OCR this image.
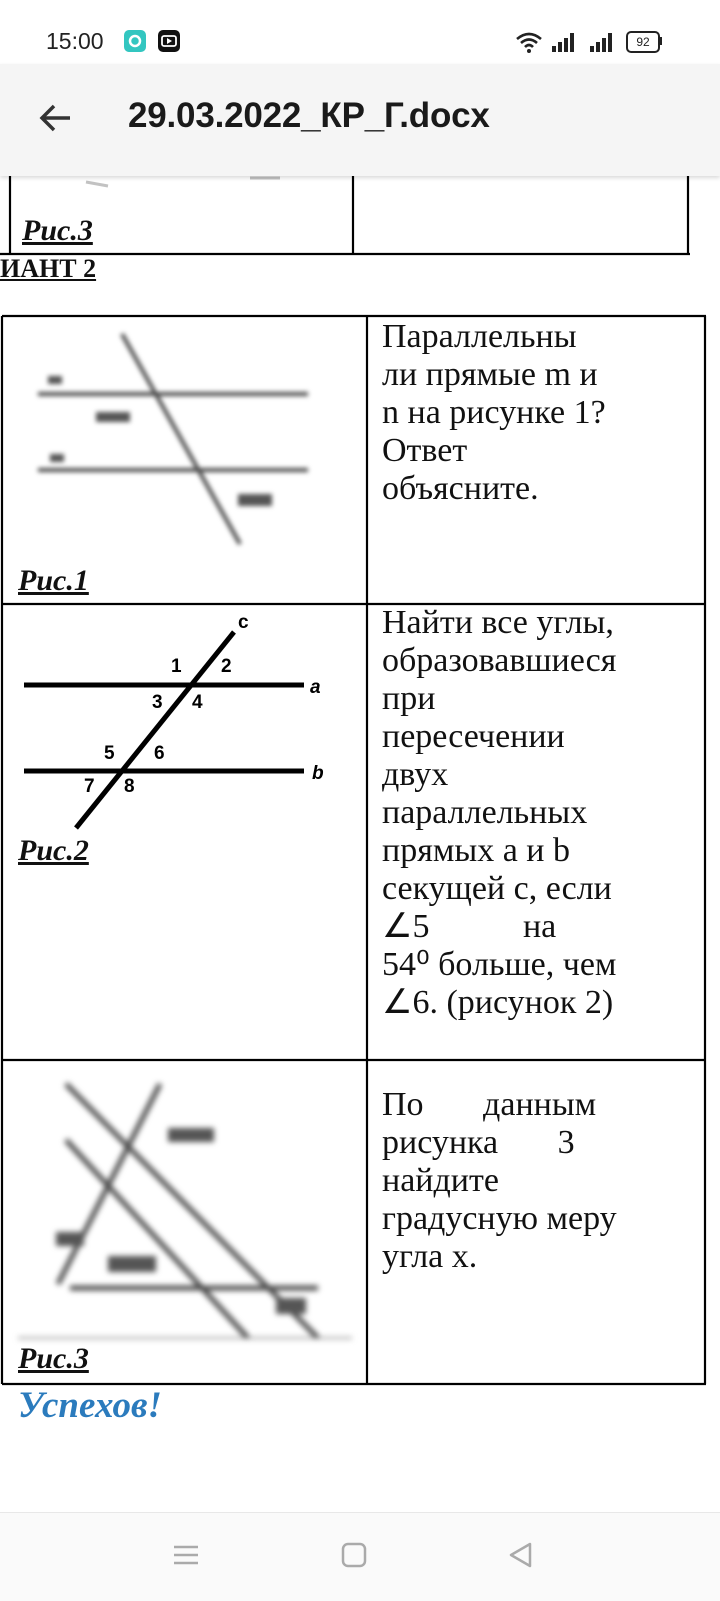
Рис.3
ИАНТ 2
Рис.1
Параллельны
ли прямые m и
n на рисунке 1?
Ответ
объясните.
c
a
b
1 2
3 4
5 6
7 8
Рис.2
Найти все углы,
образовавшиеся
при
пересечении
двух
параллельных
прямых a и b
секущей c, если
∠5           на
54⁰ больше, чем
∠6. (рисунок 2)
Рис.3
По       данным
рисунка       3
найдите
градусную меру
угла x.
Успехов!
15:00	92
29.03.2022_КР_Г.docx
